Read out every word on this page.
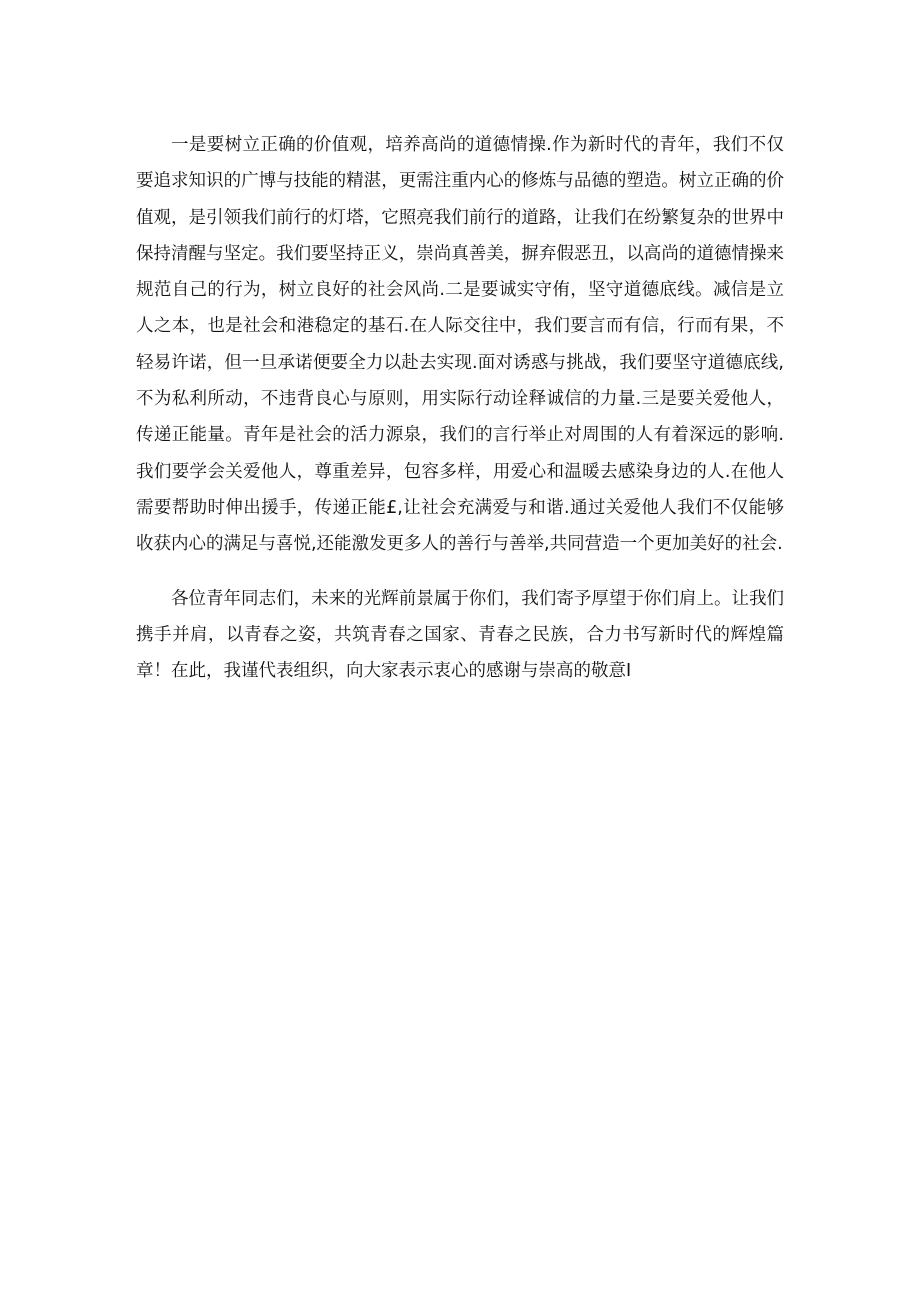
一是要树立正确的价值观，培养高尚的道德情操.作为新时代的青年，我们不仅要追求知识的广博与技能的精湛，更需注重内心的修炼与品德的塑造。树立正确的价值观，是引领我们前行的灯塔，它照亮我们前行的道路，让我们在纷繁复杂的世界中保持清醒与坚定。我们要坚持正义，崇尚真善美，摒弃假恶丑，以高尚的道德情操来规范自己的行为，树立良好的社会风尚.二是要诚实守侑，坚守道德底线。减信是立人之本，也是社会和港稳定的基石.在人际交往中，我们要言而有信，行而有果，不轻易许诺，但一旦承诺便要全力以赴去实现.面对诱惑与挑战，我们要坚守道德底线,不为私利所动，不违背良心与原则，用实际行动诠释诚信的力量.三是要关爱他人，传递正能量。青年是社会的活力源泉，我们的言行举止对周围的人有着深远的影响.我们要学会关爱他人，尊重差异，包容多样，用爱心和温暖去感染身边的人.在他人需要帮助时伸出援手，传递正能£,让社会充满爱与和谐.通过关爱他人我们不仅能够收获内心的满足与喜悦,还能激发更多人的善行与善举,共同营造一个更加美好的社会.

各位青年同志们，未来的光辉前景属于你们，我们寄予厚望于你们肩上。让我们携手并肩，以青春之姿，共筑青春之国家、青春之民族，合力书写新时代的辉煌篇章！在此，我谨代表组织，向大家表示衷心的感谢与崇高的敬意I
